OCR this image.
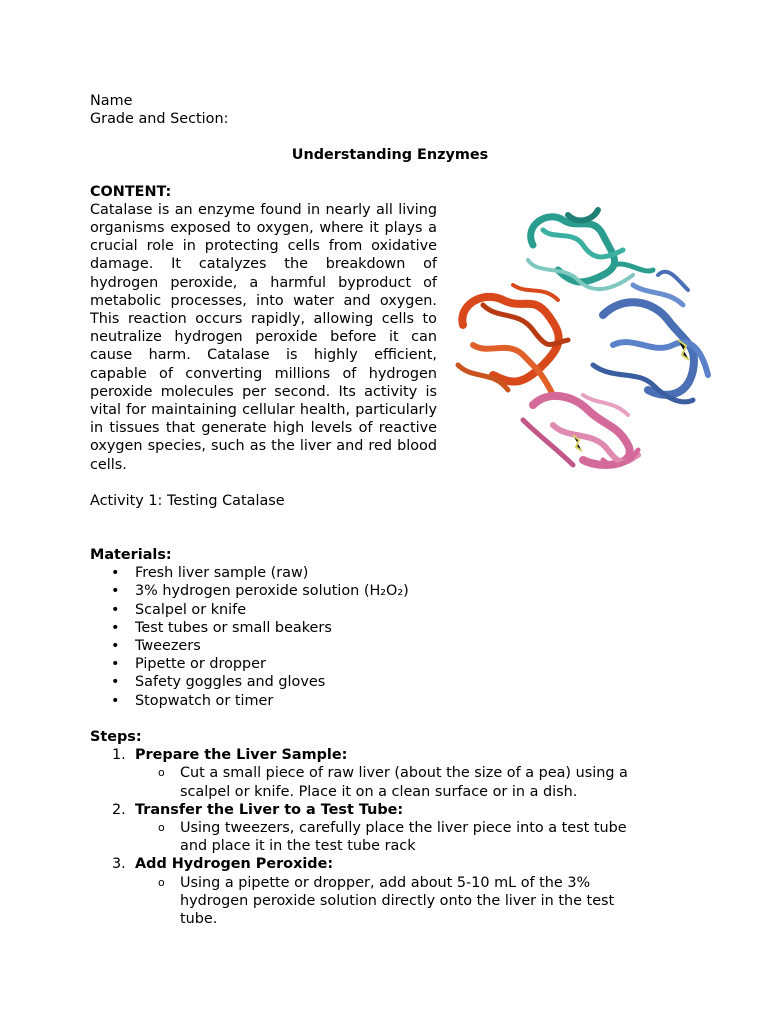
Name
Grade and Section:
Understanding Enzymes
CONTENT:
Catalase is an enzyme found in nearly all living organisms exposed to oxygen, where it plays a crucial role in protecting cells from oxidative damage. It catalyzes the breakdown of hydrogen peroxide, a harmful byproduct of metabolic processes, into water and oxygen. This reaction occurs rapidly, allowing cells to neutralize hydrogen peroxide before it can cause harm. Catalase is highly efficient, capable of converting millions of hydrogen peroxide molecules per second. Its activity is vital for maintaining cellular health, particularly in tissues that generate high levels of reactive oxygen species, such as the liver and red blood cells.
Activity 1: Testing Catalase
Materials:
• Fresh liver sample (raw)
• 3% hydrogen peroxide solution (H₂O₂)
• Scalpel or knife
• Test tubes or small beakers
• Tweezers
• Pipette or dropper
• Safety goggles and gloves
• Stopwatch or timer
Steps:
1. Prepare the Liver Sample:
o Cut a small piece of raw liver (about the size of a pea) using a scalpel or knife. Place it on a clean surface or in a dish.
2. Transfer the Liver to a Test Tube:
o Using tweezers, carefully place the liver piece into a test tube and place it in the test tube rack
3. Add Hydrogen Peroxide:
o Using a pipette or dropper, add about 5-10 mL of the 3% hydrogen peroxide solution directly onto the liver in the test tube.
